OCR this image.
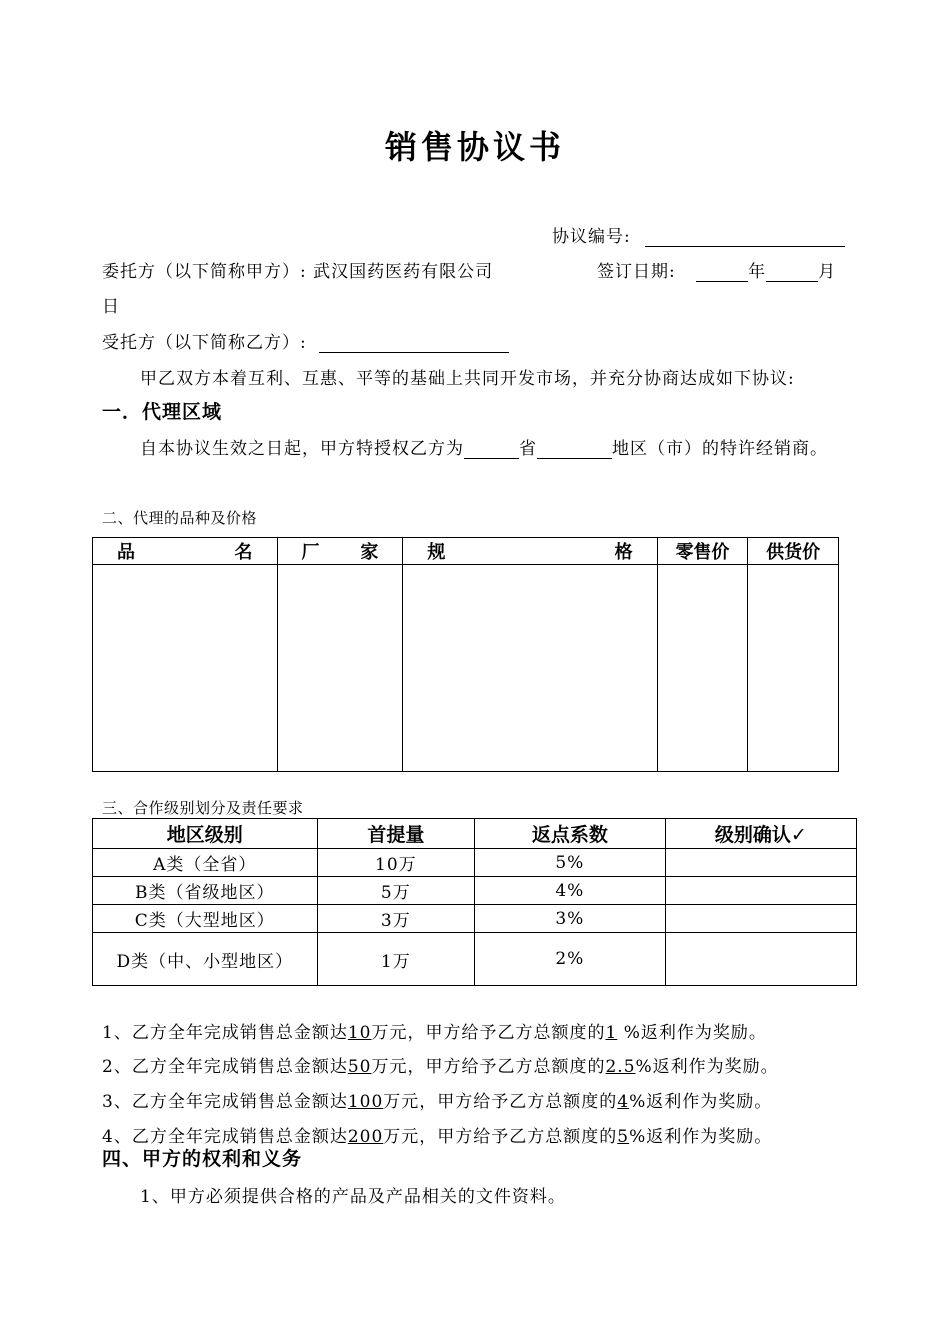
销售协议书
协议编号:
委托方（以下简称甲方）: 武汉国药医药有限公司	签订日期:	年	月
日
受托方（以下简称乙方）:
甲乙双方本着互利、互惠、平等的基础上共同开发市场，并充分协商达成如下协议:
一．代理区域
自本协议生效之日起，甲方特授权乙方为	省	地区（市）的特许经销商。
二、代理的品种及价格
品 名	厂 家	规 格	零售价	供货价

三、合作级别划分及责任要求
地区级别	首提量	返点系数	级别确认✓
A类（全省）	10万	5%	
B类（省级地区）	5万	4%	
C类（大型地区）	3万	3%	
D类（中、小型地区）	1万	2%	
1、乙方全年完成销售总金额达10万元，甲方给予乙方总额度的1 %返利作为奖励。
2、乙方全年完成销售总金额达50万元，甲方给予乙方总额度的2.5%返利作为奖励。
3、乙方全年完成销售总金额达100万元，甲方给予乙方总额度的4%返利作为奖励。
4、乙方全年完成销售总金额达200万元，甲方给予乙方总额度的5%返利作为奖励。
四、甲方的权利和义务
1、甲方必须提供合格的产品及产品相关的文件资料。
